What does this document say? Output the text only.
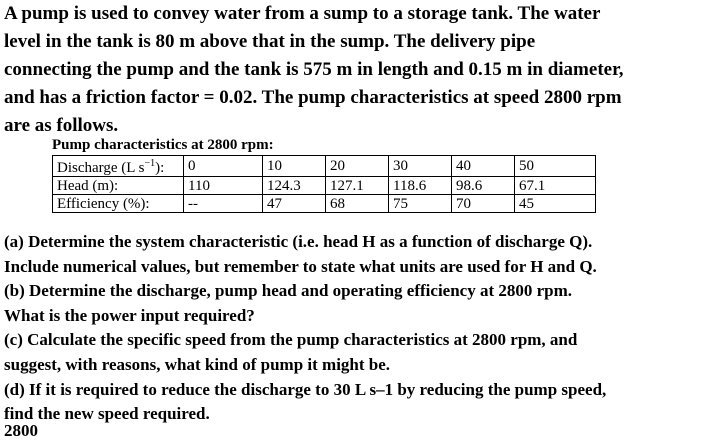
A pump is used to convey water from a sump to a storage tank. The water
level in the tank is 80 m above that in the sump. The delivery pipe
connecting the pump and the tank is 575 m in length and 0.15 m in diameter,
and has a friction factor = 0.02. The pump characteristics at speed 2800 rpm
are as follows.
Pump characteristics at 2800 rpm:
Discharge (L $s^{-1}$):	0	10	20	30	40	50
Head (m):	110	124.3	127.1	118.6	98.6	67.1
Efficiency (%):	--	47	68	75	70	45
(a) Determine the system characteristic (i.e. head H as a function of discharge Q).
Include numerical values, but remember to state what units are used for H and Q.
(b) Determine the discharge, pump head and operating efficiency at 2800 rpm.
What is the power input required?
(c) Calculate the specific speed from the pump characteristics at 2800 rpm, and
suggest, with reasons, what kind of pump it might be.
(d) If it is required to reduce the discharge to 30 L s–1 by reducing the pump speed,
find the new speed required.
2800
